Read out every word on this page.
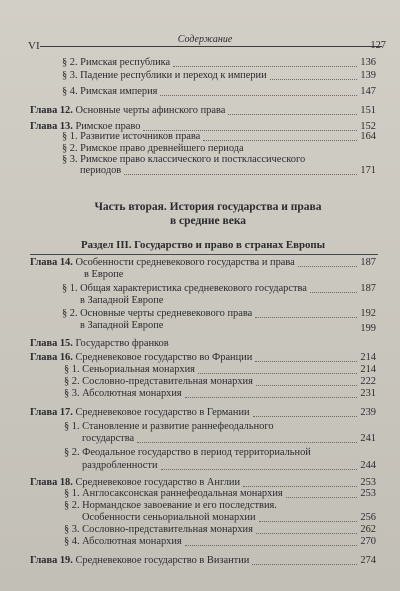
VI
Содержание
127
§ 2. Римская республика	136
§ 3. Падение республики и переход к империи	139
§ 4. Римская империя	147
Глава 12. Основные черты афинского права	151
Глава 13. Римское право	152
§ 1. Развитие источников права	164
§ 2. Римское право древнейшего периода
§ 3. Римское право классического и постклассического
периодов	171
Часть вторая. История государства и права
в средние века
Раздел III. Государство и право в странах Европы
Глава 14. Особенности средневекового государства и права	187
в Европе
§ 1. Общая характеристика средневекового государства	187
в Западной Европе
§ 2. Основные черты средневекового права	192
в Западной Европе	199
Глава 15. Государство франков
Глава 16. Средневековое государство во Франции	214
§ 1. Сеньориальная монархия	214
§ 2. Сословно-представительная монархия	222
§ 3. Абсолютная монархия	231
Глава 17. Средневековое государство в Германии	239
§ 1. Становление и развитие раннефеодального
государства	241
§ 2. Феодальное государство в период территориальной
раздробленности	244
Глава 18. Средневековое государство в Англии	253
§ 1. Англосаксонская раннефеодальная монархия	253
§ 2. Нормандское завоевание и его последствия.
Особенности сеньориальной монархии	256
§ 3. Сословно-представительная монархия	262
§ 4. Абсолютная монархия	270
Глава 19. Средневековое государство в Византии	274
